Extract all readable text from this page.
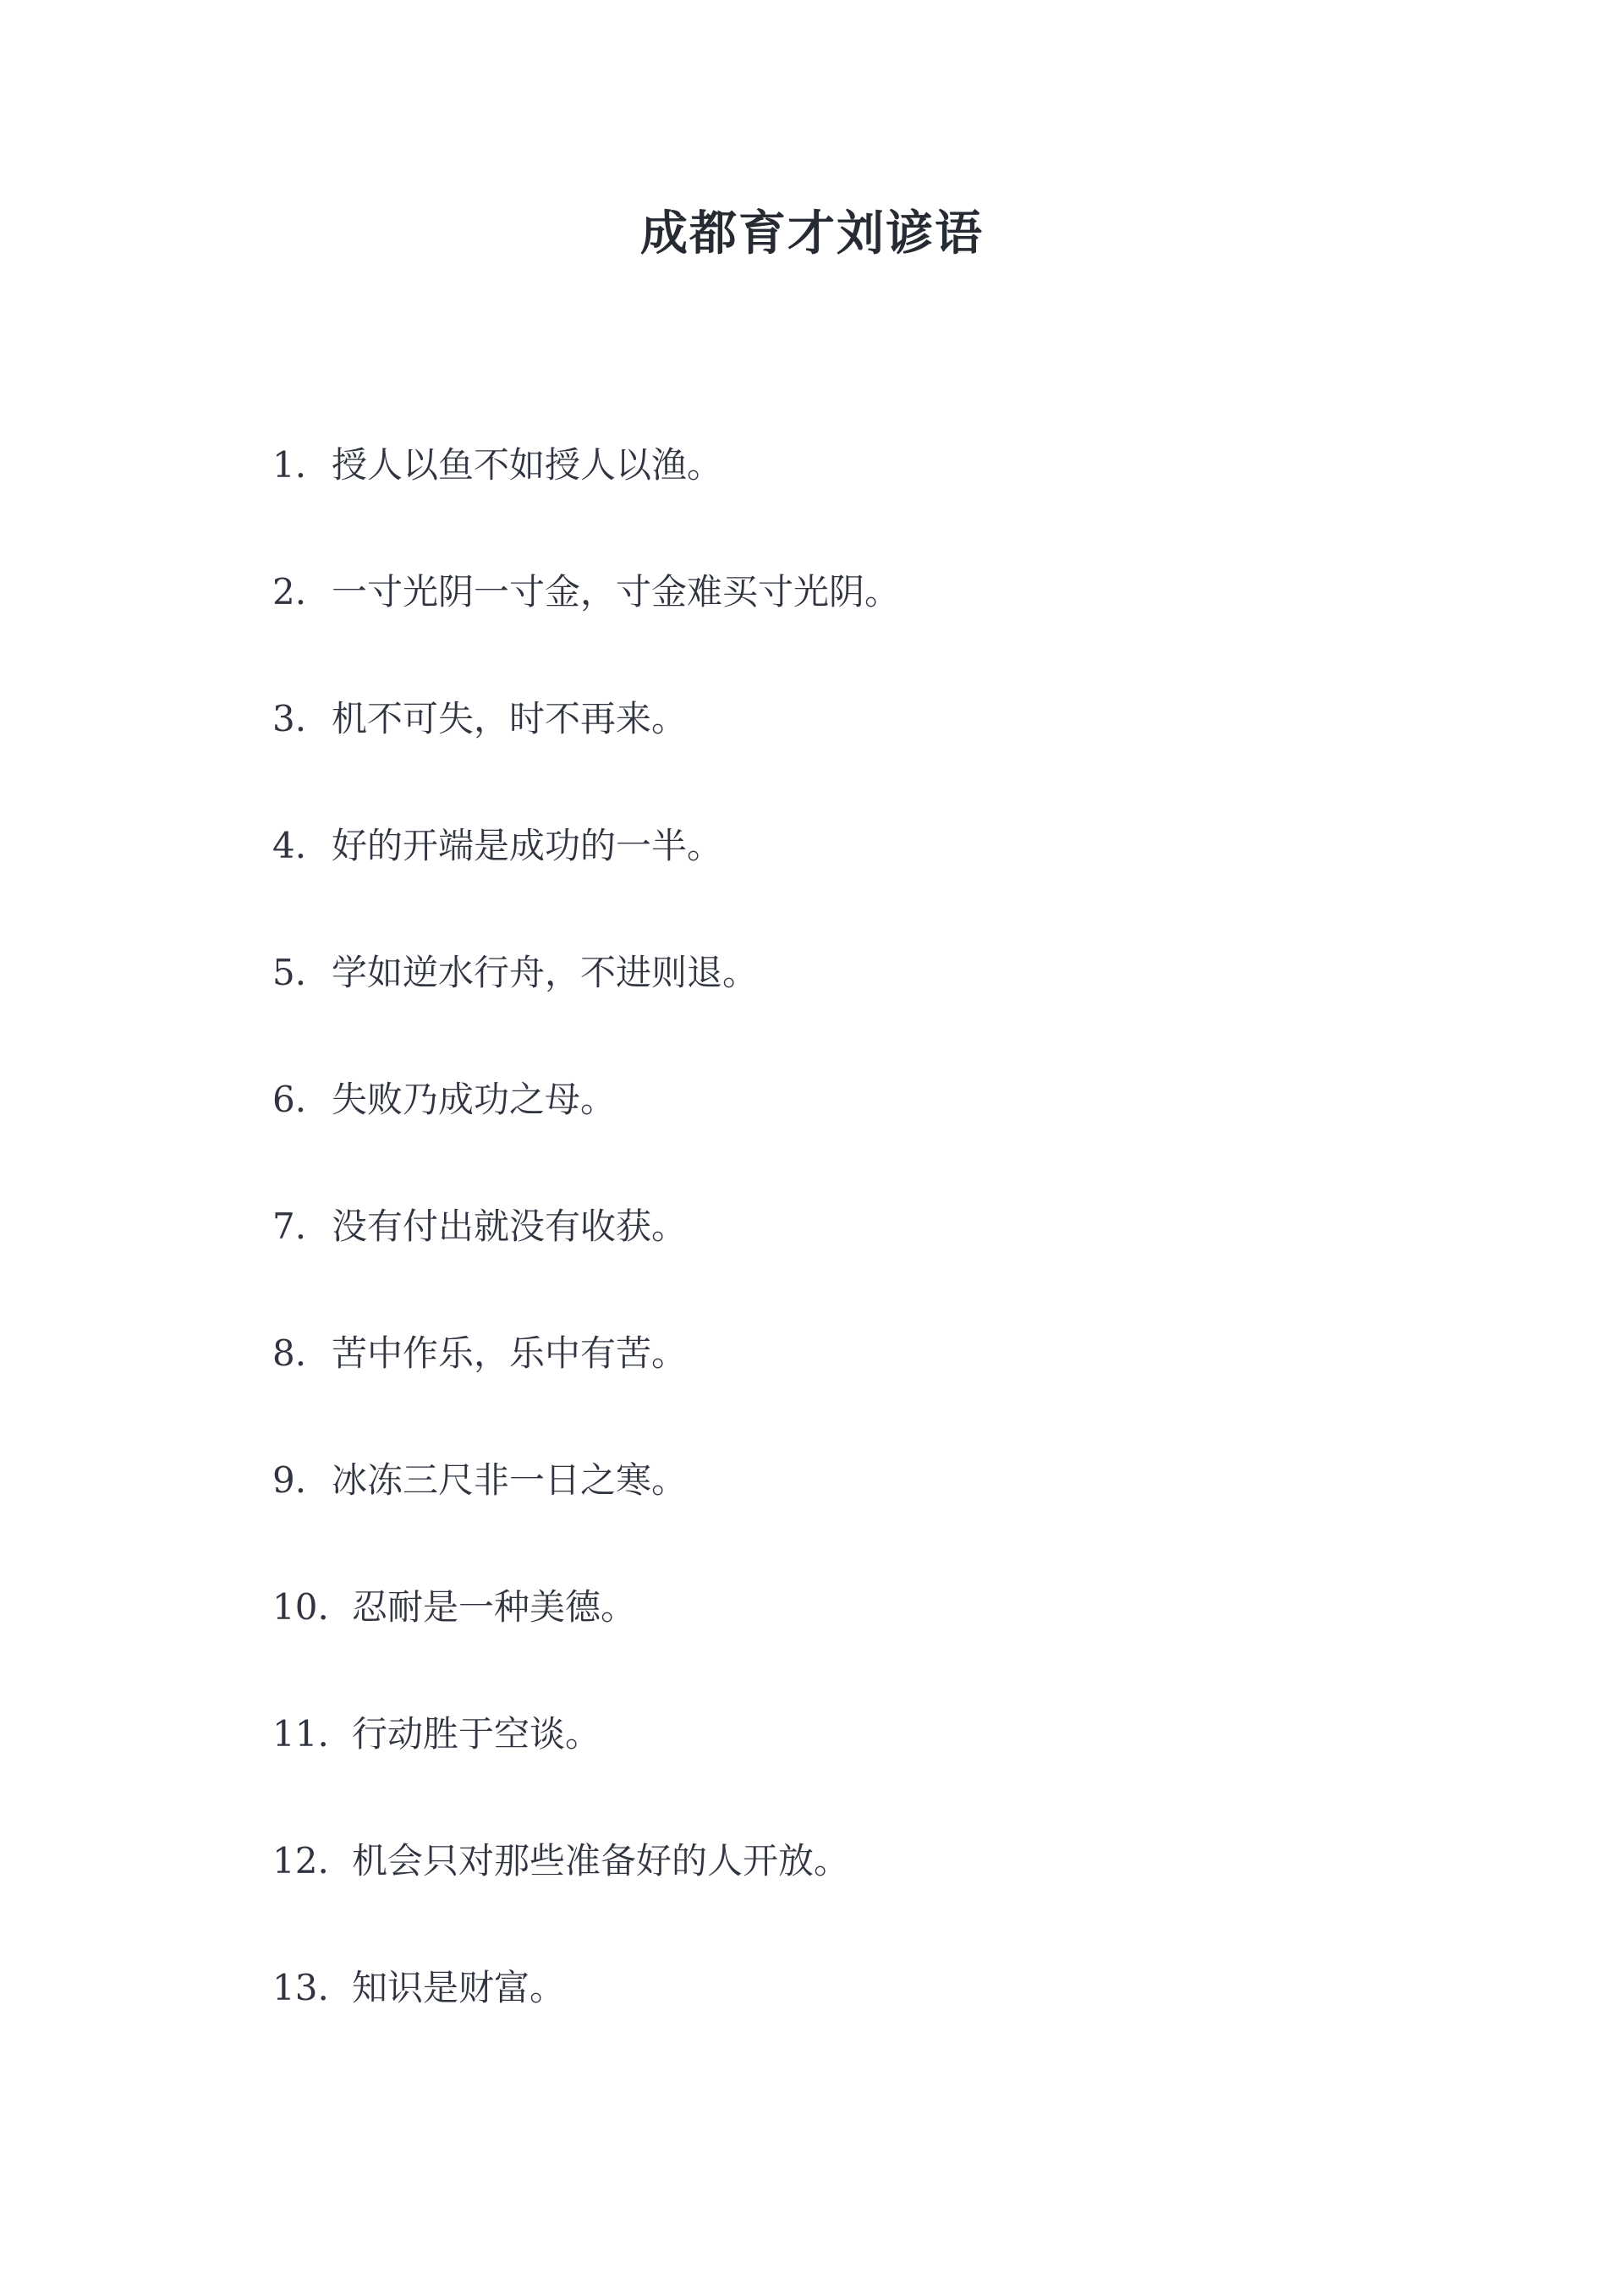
成都育才刘谚语
1. 授人以鱼不如授人以渔。
2. 一寸光阴一寸金，寸金难买寸光阴。
3. 机不可失，时不再来。
4. 好的开端是成功的一半。
5. 学如逆水行舟，不进则退。
6. 失败乃成功之母。
7. 没有付出就没有收获。
8. 苦中作乐，乐中有苦。
9. 冰冻三尺非一日之寒。
10. 忍耐是一种美德。
11. 行动胜于空谈。
12. 机会只对那些准备好的人开放。
13. 知识是财富。
